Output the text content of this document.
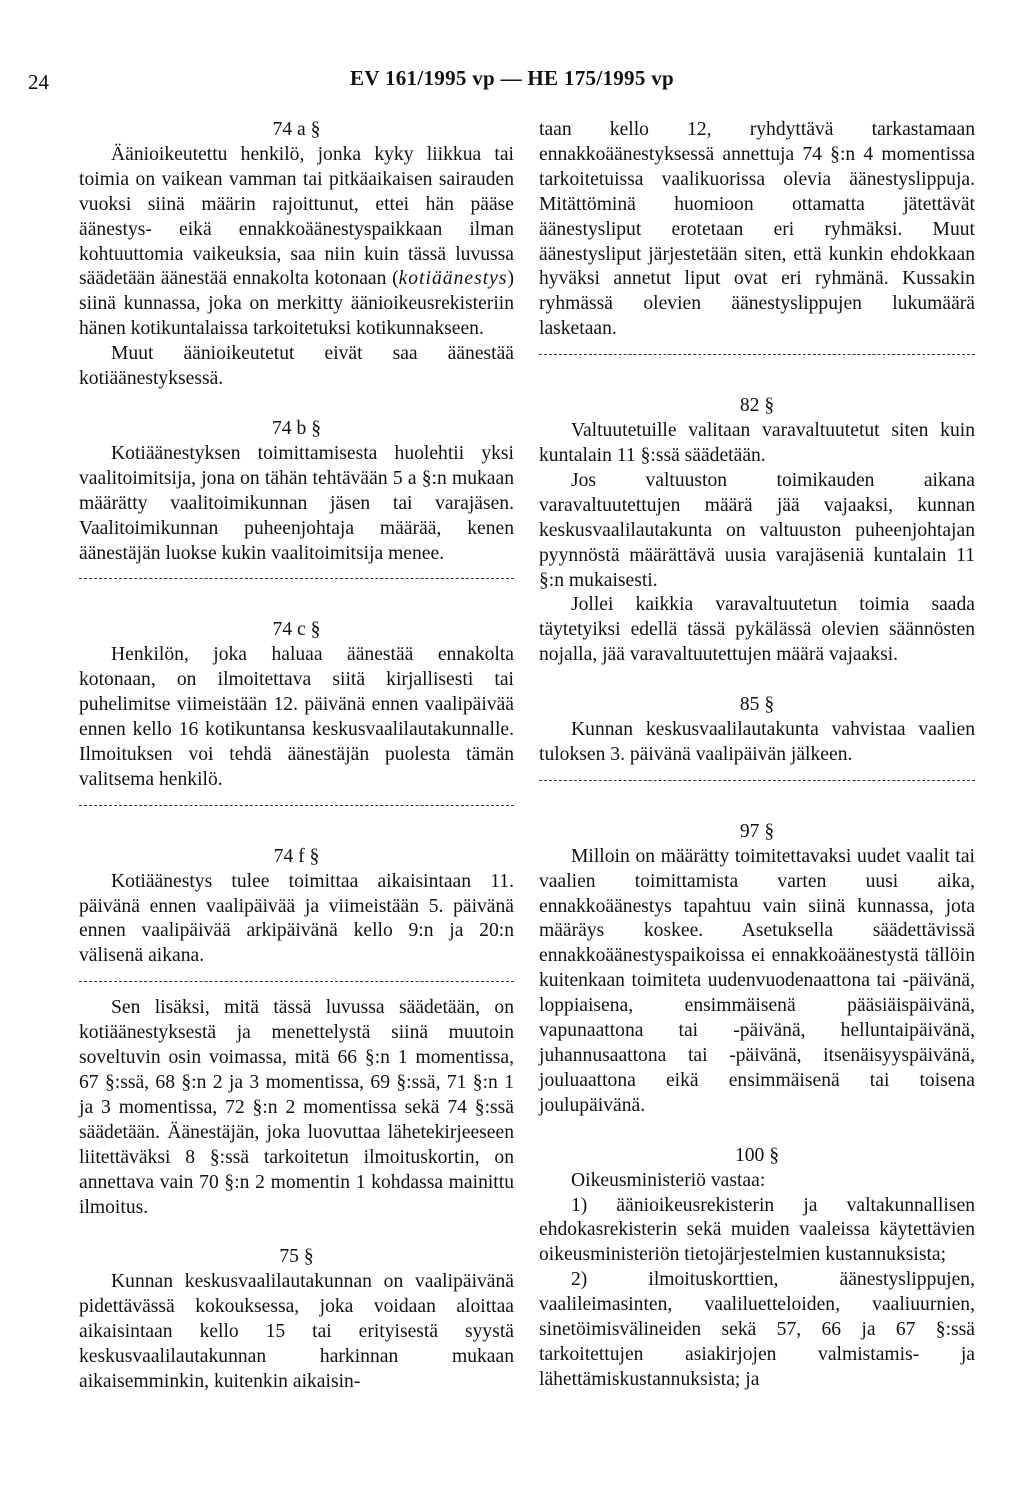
24	EV 161/1995 vp — HE 175/1995 vp

74 a §

Äänioikeutettu henkilö, jonka kyky liikkua tai toimia on vaikean vamman tai pitkäaikaisen sairauden vuoksi siinä määrin rajoittunut, ettei hän pääse äänestys- eikä ennakkoäänestyspaikkaan ilman kohtuuttomia vaikeuksia, saa niin kuin tässä luvussa säädetään äänestää ennakolta kotonaan (kotiäänestys) siinä kunnassa, joka on merkitty äänioikeusrekisteriin hänen kotikuntalaissa tarkoitetuksi kotikunnakseen.

Muut äänioikeutetut eivät saa äänestää kotiäänestyksessä.

74 b §

Kotiäänestyksen toimittamisesta huolehtii yksi vaalitoimitsija, jona on tähän tehtävään 5 a §:n mukaan määrätty vaalitoimikunnan jäsen tai varajäsen. Vaalitoimikunnan puheenjohtaja määrää, kenen äänestäjän luokse kukin vaalitoimitsija menee.

74 c §

Henkilön, joka haluaa äänestää ennakolta kotonaan, on ilmoitettava siitä kirjallisesti tai puhelimitse viimeistään 12. päivänä ennen vaalipäivää ennen kello 16 kotikuntansa keskusvaalilautakunnalle. Ilmoituksen voi tehdä äänestäjän puolesta tämän valitsema henkilö.

74 f §

Kotiäänestys tulee toimittaa aikaisintaan 11. päivänä ennen vaalipäivää ja viimeistään 5. päivänä ennen vaalipäivää arkipäivänä kello 9:n ja 20:n välisenä aikana.

Sen lisäksi, mitä tässä luvussa säädetään, on kotiäänestyksestä ja menettelystä siinä muutoin soveltuvin osin voimassa, mitä 66 §:n 1 momentissa, 67 §:ssä, 68 §:n 2 ja 3 momentissa, 69 §:ssä, 71 §:n 1 ja 3 momentissa, 72 §:n 2 momentissa sekä 74 §:ssä säädetään. Äänestäjän, joka luovuttaa lähetekirjeeseen liitettäväksi 8 §:ssä tarkoitetun ilmoituskortin, on annettava vain 70 §:n 2 momentin 1 kohdassa mainittu ilmoitus.

75 §

Kunnan keskusvaalilautakunnan on vaalipäivänä pidettävässä kokouksessa, joka voidaan aloittaa aikaisintaan kello 15 tai erityisestä syystä keskusvaalilautakunnan harkinnan mukaan aikaisemminkin, kuitenkin aikaisin-

taan kello 12, ryhdyttävä tarkastamaan ennakkoäänestyksessä annettuja 74 §:n 4 momentissa tarkoitetuissa vaalikuorissa olevia äänestyslippuja. Mitättöminä huomioon ottamatta jätettävät äänestysliput erotetaan eri ryhmäksi. Muut äänestysliput järjestetään siten, että kunkin ehdokkaan hyväksi annetut liput ovat eri ryhmänä. Kussakin ryhmässä olevien äänestyslippujen lukumäärä lasketaan.

82 §

Valtuutetuille valitaan varavaltuutetut siten kuin kuntalain 11 §:ssä säädetään.

Jos valtuuston toimikauden aikana varavaltuutettujen määrä jää vajaaksi, kunnan keskusvaalilautakunta on valtuuston puheenjohtajan pyynnöstä määrättävä uusia varajäseniä kuntalain 11 §:n mukaisesti.

Jollei kaikkia varavaltuutetun toimia saada täytetyiksi edellä tässä pykälässä olevien säännösten nojalla, jää varavaltuutettujen määrä vajaaksi.

85 §

Kunnan keskusvaalilautakunta vahvistaa vaalien tuloksen 3. päivänä vaalipäivän jälkeen.

97 §

Milloin on määrätty toimitettavaksi uudet vaalit tai vaalien toimittamista varten uusi aika, ennakkoäänestys tapahtuu vain siinä kunnassa, jota määräys koskee. Asetuksella säädettävissä ennakkoäänestyspaikoissa ei ennakkoäänestystä tällöin kuitenkaan toimiteta uudenvuodenaattona tai -päivänä, loppiaisena, ensimmäisenä pääsiäispäivänä, vapunaattona tai -päivänä, helluntaipäivänä, juhannusaattona tai -päivänä, itsenäisyyspäivänä, jouluaattona eikä ensimmäisenä tai toisena joulupäivänä.

100 §

Oikeusministeriö vastaa:

1) äänioikeusrekisterin ja valtakunnallisen ehdokasrekisterin sekä muiden vaaleissa käytettävien oikeusministeriön tietojärjestelmien kustannuksista;

2) ilmoituskorttien, äänestyslippujen, vaalileimasinten, vaaliluetteloiden, vaaliuurnien, sinetöimisvälineiden sekä 57, 66 ja 67 §:ssä tarkoitettujen asiakirjojen valmistamis- ja lähettämiskustannuksista; ja
